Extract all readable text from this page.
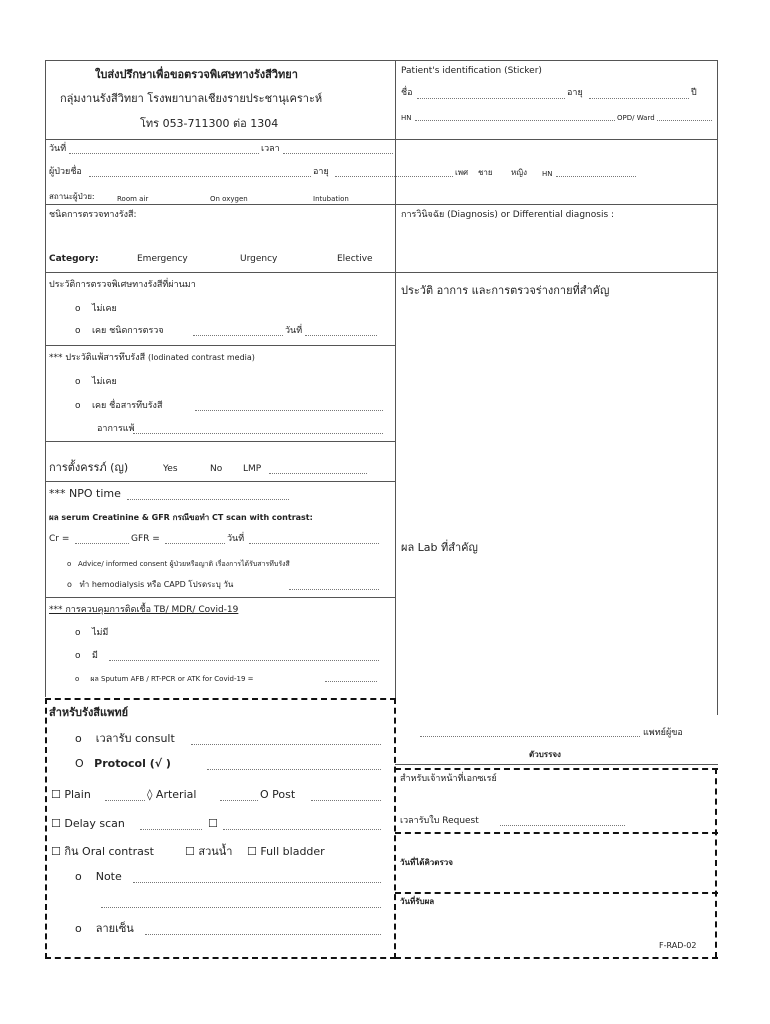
ใบส่งปรึกษาเพื่อขอตรวจพิเศษทางรังสีวิทยา
กลุ่มงานรังสีวิทยา โรงพยาบาลเชียงรายประชานุเคราะห์
โทร 053-711300 ต่อ 1304
Patient's identification (Sticker)
ชื่อ	อายุ	ปี
HN	OPD/ Ward
วันที่	เวลา
ผู้ป่วยชื่อ	อายุ	เพศ ชาย หญิง HN
สถานะผู้ป่วย:	Room air	On oxygen	Intubation
ชนิดการตรวจทางรังสี:	การวินิจฉัย (Diagnosis) or Differential diagnosis :
Category:	Emergency	Urgency	Elective
ประวัติการตรวจพิเศษทางรังสีที่ผ่านมา	ประวัติ อาการ และการตรวจร่างกายที่สำคัญ
o    ไม่เคย
o    เคย ชนิดการตรวจ	วันที่
*** ประวัติแพ้สารทึบรังสี (Iodinated contrast media)
o    ไม่เคย
o    เคย ชื่อสารทึบรังสี
อาการแพ้
การตั้งครรภ์ (ญ)	Yes	No LMP
*** NPO time
ผล serum Creatinine & GFR กรณีขอทำ CT scan with contrast:
Cr =	GFR =	วันที่
o   Advice/ informed consent ผู้ป่วยหรือญาติ เรื่องการได้รับสารทึบรังสี
o   ทำ hemodialysis หรือ CAPD โปรดระบุ วัน
ผล Lab ที่สำคัญ
*** การควบคุมการติดเชื้อ TB/ MDR/ Covid-19
o    ไม่มี
o    มี
o     ผล Sputum AFB / RT-PCR or ATK for Covid-19 =
สำหรับรังสีแพทย์
o    เวลารับ consult
O   Protocol (√ )
☐ Plain	◊ Arterial	O Post
☐ Delay scan	☐
☐ กิน Oral contrast	☐ สวนน้ำ ☐ Full bladder
o    Note
o    ลายเซ็น
แพทย์ผู้ขอ
ตัวบรรจง
สำหรับเจ้าหน้าที่เอกซเรย์
เวลารับใบ Request
วันที่ได้คิวตรวจ
วันที่รับผล
F-RAD-02
